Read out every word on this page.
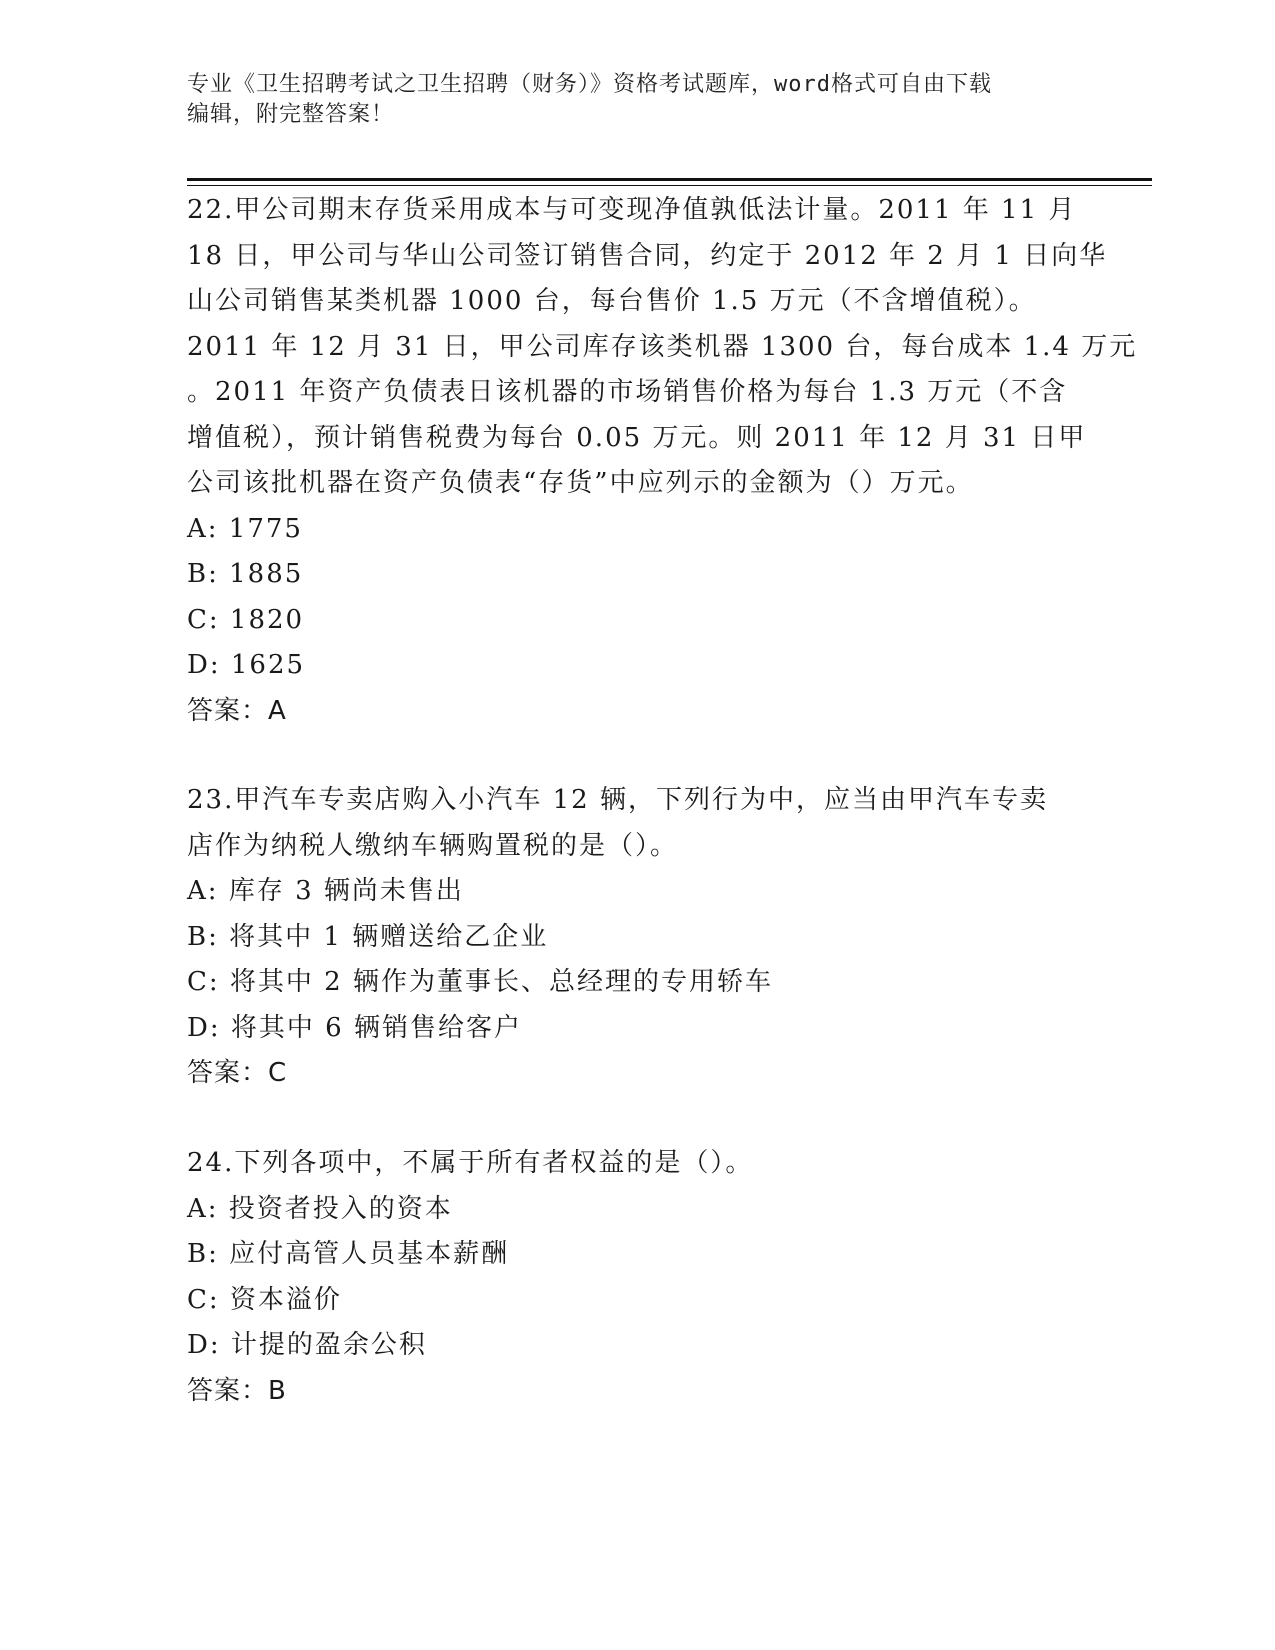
专业《卫生招聘考试之卫生招聘（财务）》资格考试题库，word格式可自由下载
编辑，附完整答案！
22.甲公司期末存货采用成本与可变现净值孰低法计量。2011 年 11 月
18 日，甲公司与华山公司签订销售合同，约定于 2012 年 2 月 1 日向华
山公司销售某类机器 1000 台，每台售价 1.5 万元（不含增值税）。
2011 年 12 月 31 日，甲公司库存该类机器 1300 台，每台成本 1.4 万元
。2011 年资产负债表日该机器的市场销售价格为每台 1.3 万元（不含
增值税），预计销售税费为每台 0.05 万元。则 2011 年 12 月 31 日甲
公司该批机器在资产负债表“存货”中应列示的金额为（）万元。
A: 1775
B: 1885
C: 1820
D: 1625
答案：A
23.甲汽车专卖店购入小汽车 12 辆，下列行为中，应当由甲汽车专卖
店作为纳税人缴纳车辆购置税的是（）。
A: 库存 3 辆尚未售出
B: 将其中 1 辆赠送给乙企业
C: 将其中 2 辆作为董事长、总经理的专用轿车
D: 将其中 6 辆销售给客户
答案：C
24.下列各项中，不属于所有者权益的是（）。
A: 投资者投入的资本
B: 应付高管人员基本薪酬
C: 资本溢价
D: 计提的盈余公积
答案：B
